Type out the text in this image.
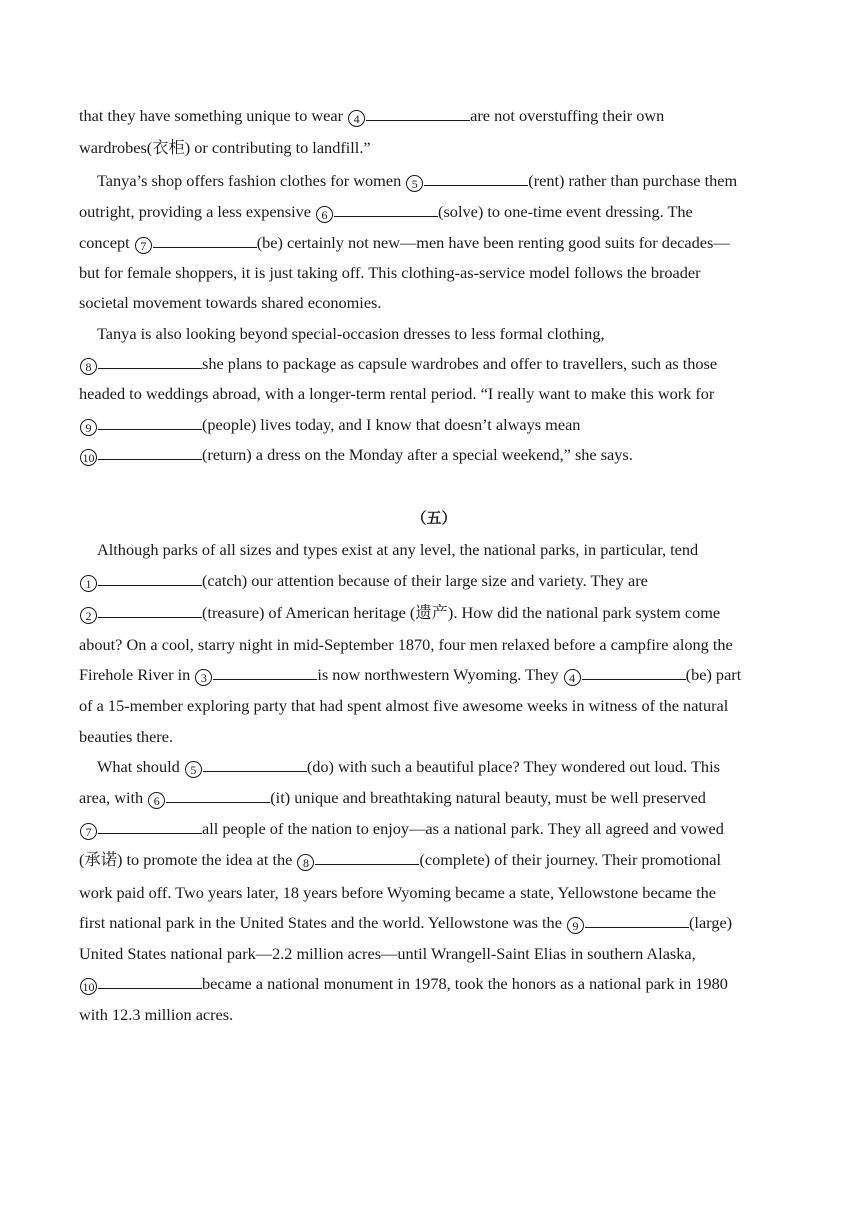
that they have something unique to wear 4	are not overstuffing their own
wardrobes(衣柜) or contributing to landfill.”
Tanya’s shop offers fashion clothes for women 5	(rent) rather than purchase them
outright, providing a less expensive 6	(solve) to one-time event dressing. The
concept 7	(be) certainly not new—men have been renting good suits for decades—
but for female shoppers, it is just taking off. This clothing-as-service model follows the broader
societal movement towards shared economies.
Tanya is also looking beyond special-occasion dresses to less formal clothing,
8	she plans to package as capsule wardrobes and offer to travellers, such as those
headed to weddings abroad, with a longer-term rental period. “I really want to make this work for
9	(people) lives today, and I know that doesn’t always mean
10	(return) a dress on the Monday after a special weekend,” she says.
（五）
Although parks of all sizes and types exist at any level, the national parks, in particular, tend
1	(catch) our attention because of their large size and variety. They are
2	(treasure) of American heritage (遗产). How did the national park system come
about? On a cool, starry night in mid-September 1870, four men relaxed before a campfire along the
Firehole River in 3	is now northwestern Wyoming. They 4	(be) part
of a 15-member exploring party that had spent almost five awesome weeks in witness of the natural
beauties there.
What should 5	(do) with such a beautiful place? They wondered out loud. This
area, with 6	(it) unique and breathtaking natural beauty, must be well preserved
7	all people of the nation to enjoy—as a national park. They all agreed and vowed
(承诺) to promote the idea at the 8	(complete) of their journey. Their promotional
work paid off. Two years later, 18 years before Wyoming became a state, Yellowstone became the
first national park in the United States and the world. Yellowstone was the 9	(large)
United States national park—2.2 million acres—until Wrangell-Saint Elias in southern Alaska,
10	became a national monument in 1978, took the honors as a national park in 1980
with 12.3 million acres.
